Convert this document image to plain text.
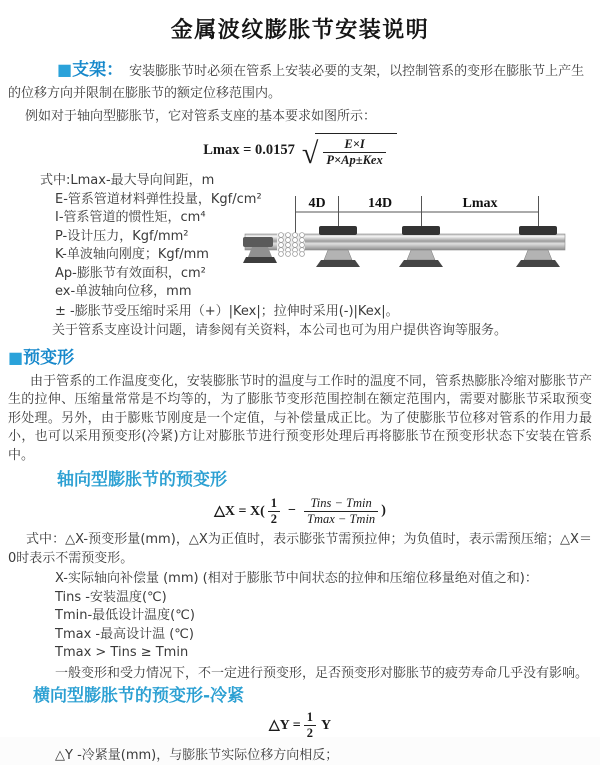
金属波纹膨胀节安装说明

■支架： 安装膨胀节时必须在管系上安装必要的支架，以控制管系的变形在膨胀节上产生的位移方向并限制在膨胀节的额定位移范围内。

例如对于轴向型膨胀节，它对管系支座的基本要求如图所示：

Lmax = 0.0157 √ $\frac{E\times I}{\text{P×Ap±Kex}}$
式中:Lmax-最大导向间距，m
E-管系管道材料弹性投量，Kgf/cm²
I-管系管道的惯性矩，cm⁴
P-设计压力，Kgf/mm²
K-单波轴向刚度；Kgf/mm
Ap-膨胀节有效面积，cm²
ex-单波轴向位移，mm
± -膨胀节受压缩时采用（+）|Kex|；拉伸时采用(-)|Kex|。
关于管系支座设计问题，请参阅有关资料，本公司也可为用户提供咨询等服务。
4D	14D	Lmax
■预变形

由于管系的工作温度变化，安装膨胀节时的温度与工作时的温度不同，管系热膨胀冷缩对膨胀节产生的拉伸、压缩量常常是不均等的，为了膨胀节变形范围控制在额定范围内，需要对膨胀节采取预变形处理。另外，由于膨账节刚度是一个定值，与补偿量成正比。为了使膨胀节位移对管系的作用力最小，也可以采用预变形(冷紧)方让对膨胀节进行预变形处理后再将膨胀节在预变形状态下安装在管系中。

轴向型膨胀节的预变形
△X = $X( \frac{1}{2} - \frac{\text{Tins − Tmin}}{Tmax - Tmin}$ )

式中：△X-预变形量(mm)，△X为正值时，表示膨张节需预拉伸；为负值时，表示需预压缩；△X＝0时表示不需预变形。

X-实际轴向补偿量 (mm) (相对于膨胀节中间状态的拉伸和压缩位移量绝对值之和)：
Tins -安装温度(℃)
Tmin-最低设计温度(℃)
Tmax -最高设计温 (℃)
Tmax > Tins ≥ Tmin

一般变形和受力情况下，不一定进行预变形，足否预变形对膨胀节的疲劳寿命几乎没有影响。

横向型膨胀节的预变形-冷紧
△Y = $\frac{1}{2}$ Y

△Y -冷紧量(mm)，与膨胀节实际位移方向相反；
